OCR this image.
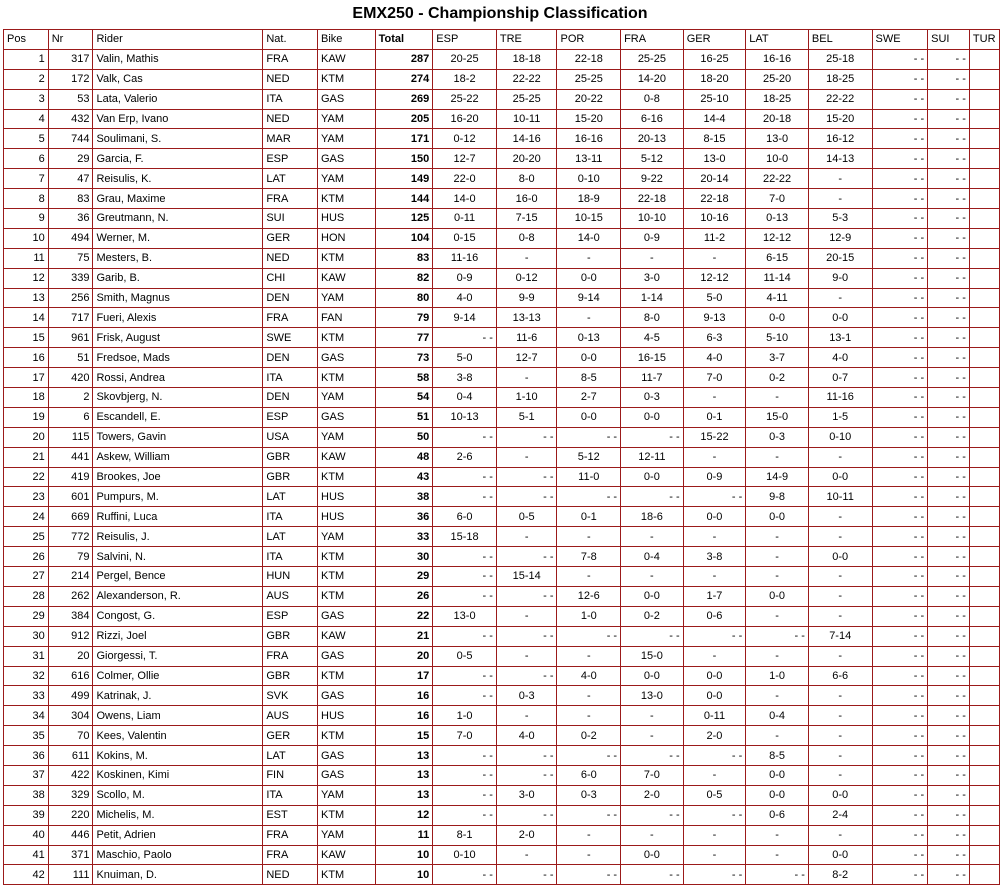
EMX250 - Championship Classification
Pos	Nr	Rider	Nat.	Bike	Total	ESP	TRE	POR	FRA	GER	LAT	BEL	SWE	SUI	TUR
1	317	Valin, Mathis	FRA	KAW	287	20-25	18-18	22-18	25-25	16-25	16-16	25-18	- -	- -	
2	172	Valk, Cas	NED	KTM	274	18-2	22-22	25-25	14-20	18-20	25-20	18-25	- -	- -	
3	53	Lata, Valerio	ITA	GAS	269	25-22	25-25	20-22	0-8	25-10	18-25	22-22	- -	- -	
4	432	Van Erp, Ivano	NED	YAM	205	16-20	10-11	15-20	6-16	14-4	20-18	15-20	- -	- -	
5	744	Soulimani, S.	MAR	YAM	171	0-12	14-16	16-16	20-13	8-15	13-0	16-12	- -	- -	
6	29	Garcia, F.	ESP	GAS	150	12-7	20-20	13-11	5-12	13-0	10-0	14-13	- -	- -	
7	47	Reisulis, K.	LAT	YAM	149	22-0	8-0	0-10	9-22	20-14	22-22	-	- -	- -	
8	83	Grau, Maxime	FRA	KTM	144	14-0	16-0	18-9	22-18	22-18	7-0	-	- -	- -	
9	36	Greutmann, N.	SUI	HUS	125	0-11	7-15	10-15	10-10	10-16	0-13	5-3	- -	- -	
10	494	Werner, M.	GER	HON	104	0-15	0-8	14-0	0-9	11-2	12-12	12-9	- -	- -	
11	75	Mesters, B.	NED	KTM	83	11-16	-	-	-	-	6-15	20-15	- -	- -	
12	339	Garib, B.	CHI	KAW	82	0-9	0-12	0-0	3-0	12-12	11-14	9-0	- -	- -	
13	256	Smith, Magnus	DEN	YAM	80	4-0	9-9	9-14	1-14	5-0	4-11	-	- -	- -	
14	717	Fueri, Alexis	FRA	FAN	79	9-14	13-13	-	8-0	9-13	0-0	0-0	- -	- -	
15	961	Frisk, August	SWE	KTM	77	- -	11-6	0-13	4-5	6-3	5-10	13-1	- -	- -	
16	51	Fredsoe, Mads	DEN	GAS	73	5-0	12-7	0-0	16-15	4-0	3-7	4-0	- -	- -	
17	420	Rossi, Andrea	ITA	KTM	58	3-8	-	8-5	11-7	7-0	0-2	0-7	- -	- -	
18	2	Skovbjerg, N.	DEN	YAM	54	0-4	1-10	2-7	0-3	-	-	11-16	- -	- -	
19	6	Escandell, E.	ESP	GAS	51	10-13	5-1	0-0	0-0	0-1	15-0	1-5	- -	- -	
20	115	Towers, Gavin	USA	YAM	50	- -	- -	- -	- -	15-22	0-3	0-10	- -	- -	
21	441	Askew, William	GBR	KAW	48	2-6	-	5-12	12-11	-	-	-	- -	- -	
22	419	Brookes, Joe	GBR	KTM	43	- -	- -	11-0	0-0	0-9	14-9	0-0	- -	- -	
23	601	Pumpurs, M.	LAT	HUS	38	- -	- -	- -	- -	- -	9-8	10-11	- -	- -	
24	669	Ruffini, Luca	ITA	HUS	36	6-0	0-5	0-1	18-6	0-0	0-0	-	- -	- -	
25	772	Reisulis, J.	LAT	YAM	33	15-18	-	-	-	-	-	-	- -	- -	
26	79	Salvini, N.	ITA	KTM	30	- -	- -	7-8	0-4	3-8	-	0-0	- -	- -	
27	214	Pergel, Bence	HUN	KTM	29	- -	15-14	-	-	-	-	-	- -	- -	
28	262	Alexanderson, R.	AUS	KTM	26	- -	- -	12-6	0-0	1-7	0-0	-	- -	- -	
29	384	Congost, G.	ESP	GAS	22	13-0	-	1-0	0-2	0-6	-	-	- -	- -	
30	912	Rizzi, Joel	GBR	KAW	21	- -	- -	- -	- -	- -	- -	7-14	- -	- -	
31	20	Giorgessi, T.	FRA	GAS	20	0-5	-	-	15-0	-	-	-	- -	- -	
32	616	Colmer, Ollie	GBR	KTM	17	- -	- -	4-0	0-0	0-0	1-0	6-6	- -	- -	
33	499	Katrinak, J.	SVK	GAS	16	- -	0-3	-	13-0	0-0	-	-	- -	- -	
34	304	Owens, Liam	AUS	HUS	16	1-0	-	-	-	0-11	0-4	-	- -	- -	
35	70	Kees, Valentin	GER	KTM	15	7-0	4-0	0-2	-	2-0	-	-	- -	- -	
36	611	Kokins, M.	LAT	GAS	13	- -	- -	- -	- -	- -	8-5	-	- -	- -	
37	422	Koskinen, Kimi	FIN	GAS	13	- -	- -	6-0	7-0	-	0-0	-	- -	- -	
38	329	Scollo, M.	ITA	YAM	13	- -	3-0	0-3	2-0	0-5	0-0	0-0	- -	- -	
39	220	Michelis, M.	EST	KTM	12	- -	- -	- -	- -	- -	0-6	2-4	- -	- -	
40	446	Petit, Adrien	FRA	YAM	11	8-1	2-0	-	-	-	-	-	- -	- -	
41	371	Maschio, Paolo	FRA	KAW	10	0-10	-	-	0-0	-	-	0-0	- -	- -	
42	111	Knuiman, D.	NED	KTM	10	- -	- -	- -	- -	- -	- -	8-2	- -	- -	
